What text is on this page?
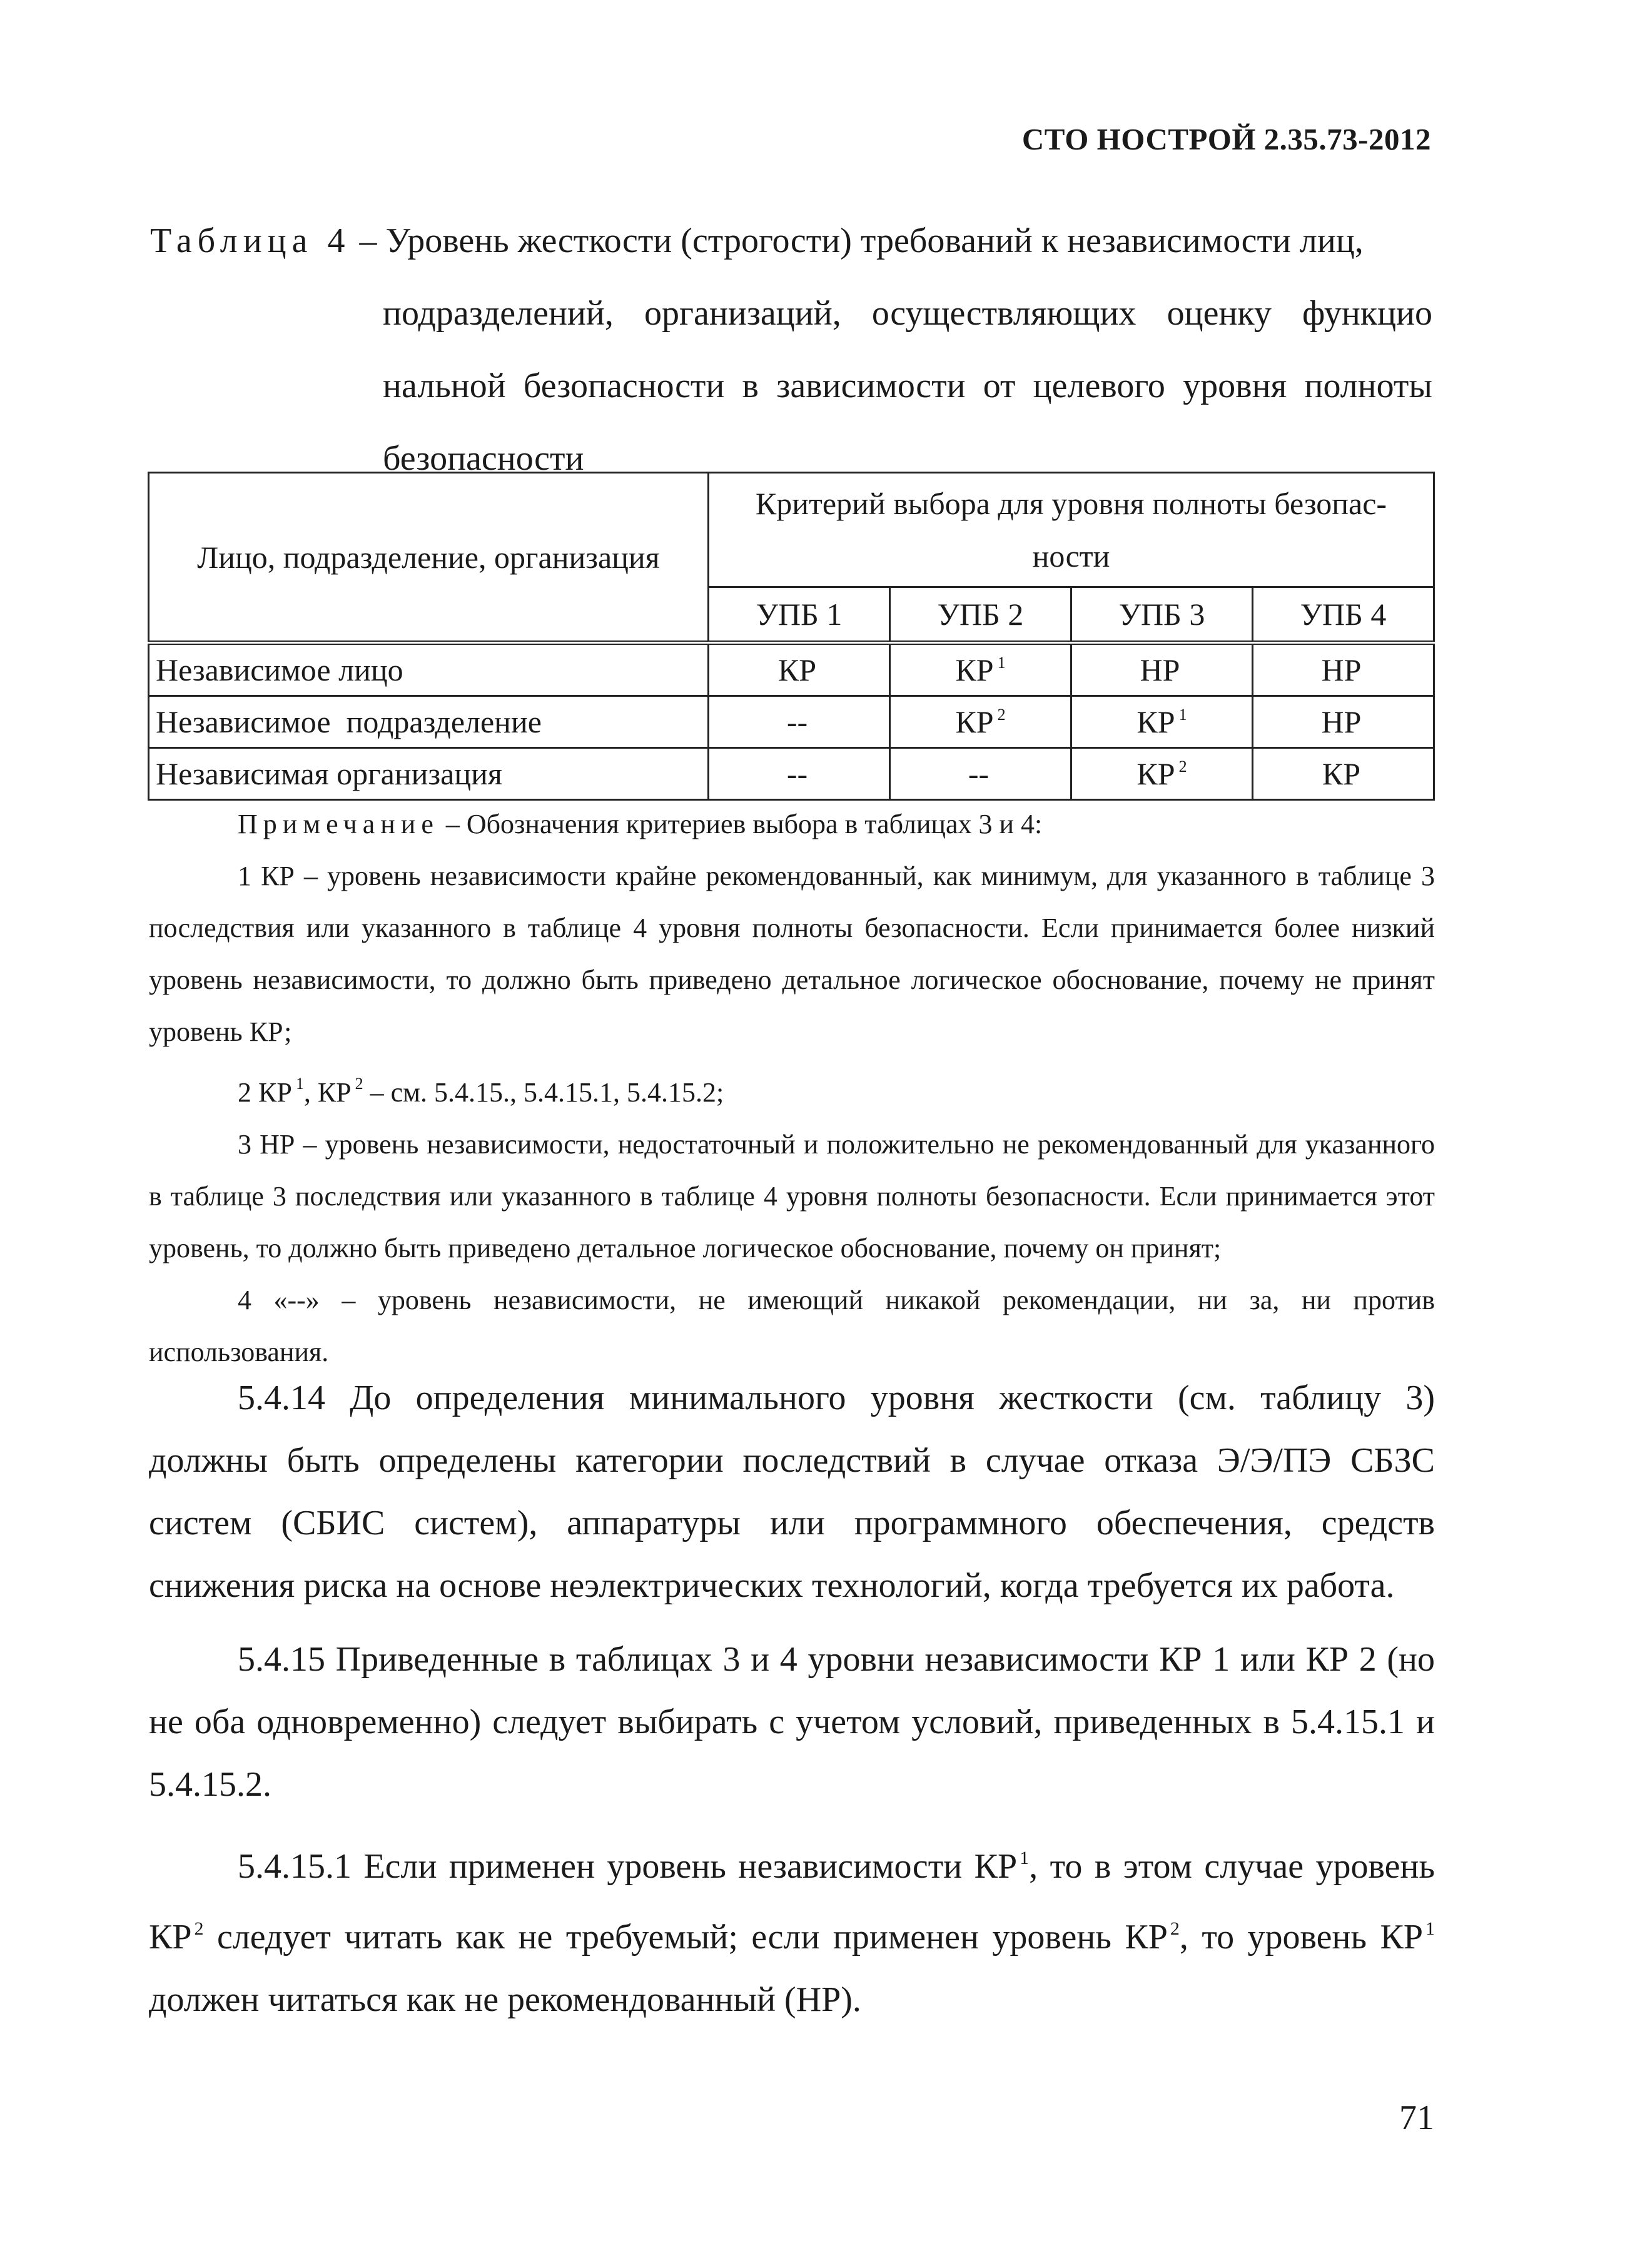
СТО НОСТРОЙ 2.35.73-2012
Таблица 4 – Уровень жесткости (строгости) требований к независимости лиц,
подразделений, организаций, осуществляющих оценку функцио
нальной безопасности в зависимости от целевого уровня полноты
безопасности
Лицо, подразделение, организация	Критерий выбора для уровня полноты безопас-
ности			
	УПБ 1	УПБ 2	УПБ 3	УПБ 4
Независимое лицо	КР	КР $^1$	НР	НР
Независимое  подразделение	--	КР $^2$	КР $^1$	НР
Независимая организация	--	--	КР $^2$	КР

Примечание – Обозначения критериев выбора в таблицах 3 и 4:

1 КР – уровень независимости крайне рекомендованный, как минимум, для указанного в таблице 3 последствия или указанного в таблице 4 уровня полноты безопасности. Если принимается более низкий уровень независимости, то должно быть приведено детальное логическое обоснование, почему не принят уровень КР;

2 КР $^1$, КР $^2$ – см. 5.4.15., 5.4.15.1, 5.4.15.2;

3 НР – уровень независимости, недостаточный и положительно не рекомендованный для указанного в таблице 3 последствия или указанного в таблице 4 уровня полноты безопасности. Если принимается этот уровень, то должно быть приведено детальное логическое обоснование, почему он принят;

4 «--» – уровень независимости, не имеющий никакой рекомендации, ни за, ни против использования.

5.4.14 До определения минимального уровня жесткости (см. таблицу 3) должны быть определены категории последствий в случае отказа Э/Э/ПЭ СБЗС систем (СБИС систем), аппаратуры или программного обеспечения, средств снижения риска на основе неэлектрических технологий, когда требуется их работа.

5.4.15 Приведенные в таблицах 3 и 4 уровни независимости КР 1 или КР 2 (но не оба одновременно) следует выбирать с учетом условий, приведенных в 5.4.15.1 и 5.4.15.2.

5.4.15.1 Если применен уровень независимости КР $^1$, то в этом случае уровень КР $^2$ следует читать как не требуемый; если применен уровень КР $^2$, то уровень КР $^1$ должен читаться как не рекомендованный (НР).

71
